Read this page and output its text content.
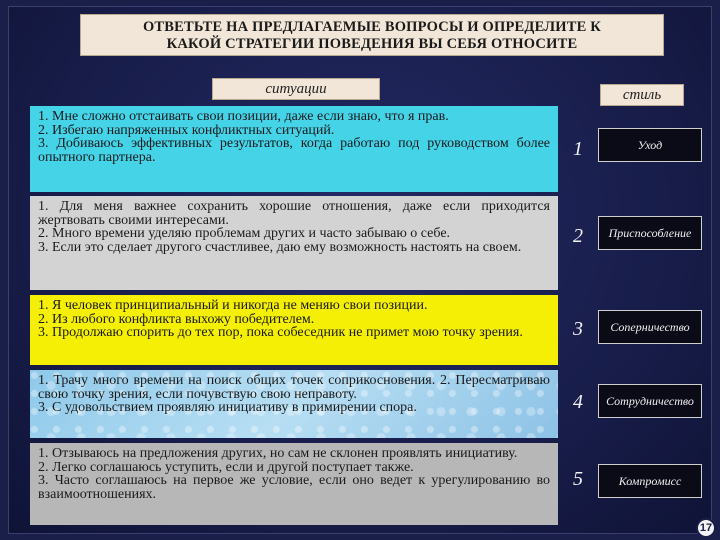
ОТВЕТЬТЕ НА ПРЕДЛАГАЕМЫЕ ВОПРОСЫ И ОПРЕДЕЛИТЕ К
КАКОЙ СТРАТЕГИИ ПОВЕДЕНИЯ ВЫ СЕБЯ ОТНОСИТЕ
ситуации	стиль
1. Мне сложно отстаивать свои позиции, даже если знаю, что я прав.
2. Избегаю напряженных конфликтных ситуаций.
3. Добиваюсь эффективных результатов, когда работаю под руководством более опытного партнера.	1	Уход
1. Для меня важнее сохранить хорошие отношения, даже если приходится жертвовать своими интересами.
2. Много времени уделяю проблемам других и часто забываю о себе.
3. Если это сделает другого счастливее, даю ему возможность настоять на своем.	2	Приспособление
1. Я человек принципиальный и никогда не меняю свои позиции.
2. Из любого конфликта выхожу победителем.
3. Продолжаю спорить до тех пор, пока собеседник не примет мою точку зрения.	3	Соперничество
1. Трачу много времени на поиск общих точек соприкосновения. 2. Пересматриваю свою точку зрения, если почувствую свою неправоту.
3. С удовольствием проявляю инициативу в примирении спора.	4	Сотрудничество
1. Отзываюсь на предложения других, но сам не склонен проявлять инициативу.
2. Легко соглашаюсь уступить, если и другой поступает также.
3. Часто соглашаюсь на первое же условие, если оно ведет к урегулированию во взаимоотношениях.
5	Компромисс
17
